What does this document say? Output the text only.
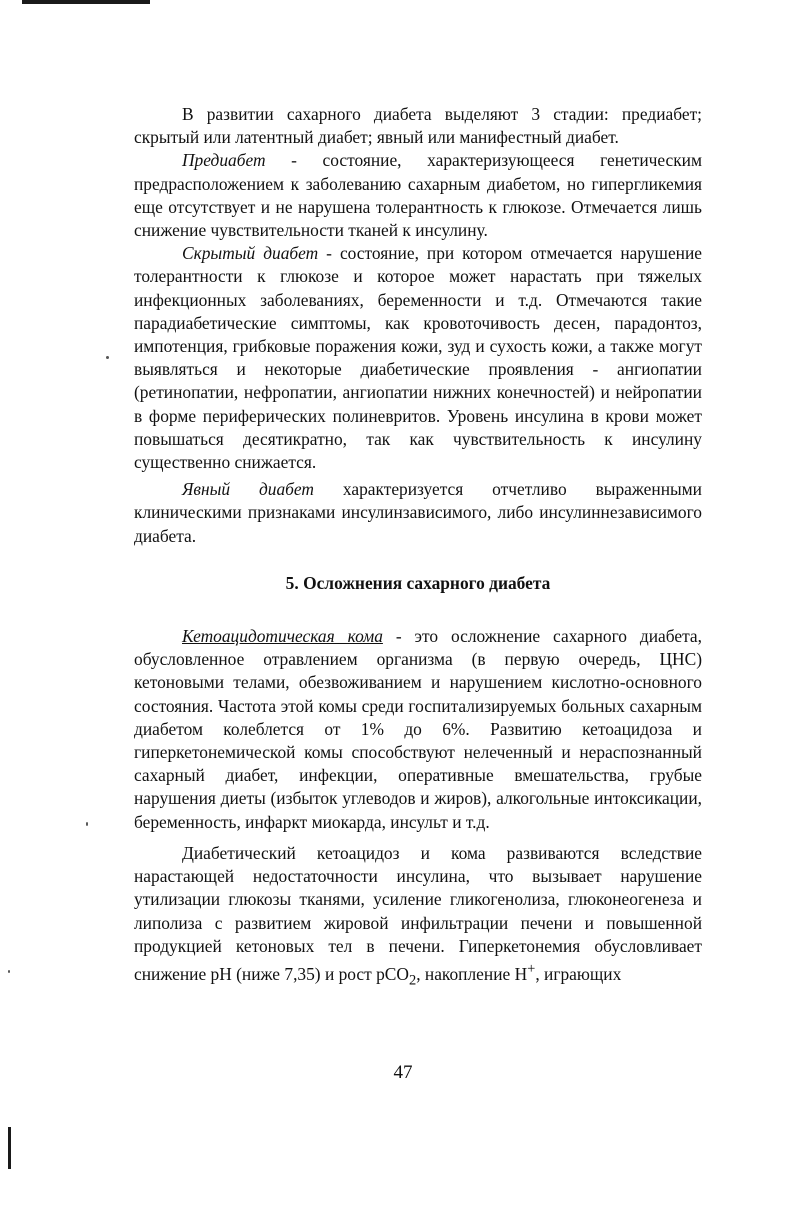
В развитии сахарного диабета выделяют 3 стадии: предиабет; скрытый или латентный диабет; явный или манифестный диабет.

Предиабет - состояние, характеризующееся генетическим предрасположением к заболеванию сахарным диабетом, но гипергликемия еще отсутствует и не нарушена толерантность к глюкозе. Отмечается лишь снижение чувствительности тканей к инсулину.

Скрытый диабет - состояние, при котором отмечается нарушение толерантности к глюкозе и которое может нарастать при тяжелых инфекционных заболеваниях, беременности и т.д. Отмечаются такие парадиабетические симптомы, как кровоточивость десен, парадонтоз, импотенция, грибковые поражения кожи, зуд и сухость кожи, а также могут выявляться и некоторые диабетические проявления - ангиопатии (ретинопатии, нефропатии, ангиопатии нижних конечностей) и нейропатии в форме периферических полиневритов. Уровень инсулина в крови может повышаться десятикратно, так как чувствительность к инсулину существенно снижается.

Явный диабет характеризуется отчетливо выраженными клиническими признаками инсулинзависимого, либо инсулиннезависимого диабета.

5. Осложнения сахарного диабета

Кетоацидотическая кома - это осложнение сахарного диабета, обусловленное отравлением организма (в первую очередь, ЦНС) кетоновыми телами, обезвоживанием и нарушением кислотно-основного состояния. Частота этой комы среди госпитализируемых больных сахарным диабетом колеблется от 1% до 6%. Развитию кетоацидоза и гиперкетонемической комы способствуют нелеченный и нераспознанный сахарный диабет, инфекции, оперативные вмешательства, грубые нарушения диеты (избыток углеводов и жиров), алкогольные интоксикации, беременность, инфаркт миокарда, инсульт и т.д.

Диабетический кетоацидоз и кома развиваются вследствие нарастающей недостаточности инсулина, что вызывает нарушение утилизации глюкозы тканями, усиление гликогенолиза, глюконеогенеза и липолиза с развитием жировой инфильтрации печени и повышенной продукцией кетоновых тел в печени. Гиперкетонемия обусловливает снижение pH (ниже 7,35) и рост pCO$_2$, накопление H+, играющих

47
